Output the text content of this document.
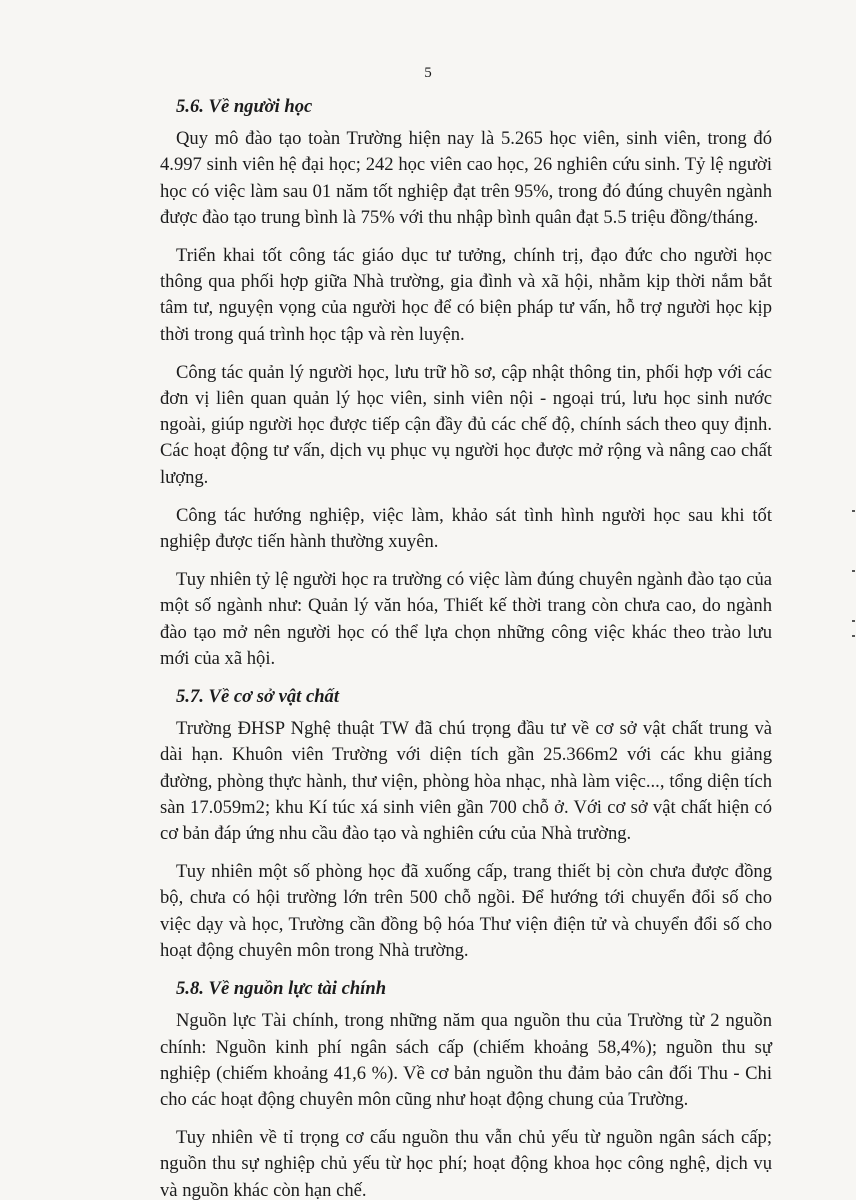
5
5.6. Về người học

Quy mô đào tạo toàn Trường hiện nay là 5.265 học viên, sinh viên, trong đó 4.997 sinh viên hệ đại học; 242 học viên cao học, 26 nghiên cứu sinh. Tỷ lệ người học có việc làm sau 01 năm tốt nghiệp đạt trên 95%, trong đó đúng chuyên ngành được đào tạo trung bình là 75% với thu nhập bình quân đạt 5.5 triệu đồng/tháng.

Triển khai tốt công tác giáo dục tư tưởng, chính trị, đạo đức cho người học thông qua phối hợp giữa Nhà trường, gia đình và xã hội, nhằm kịp thời nắm bắt tâm tư, nguyện vọng của người học để có biện pháp tư vấn, hỗ trợ người học kịp thời trong quá trình học tập và rèn luyện.

Công tác quản lý người học, lưu trữ hồ sơ, cập nhật thông tin, phối hợp với các đơn vị liên quan quản lý học viên, sinh viên nội - ngoại trú, lưu học sinh nước ngoài, giúp người học được tiếp cận đầy đủ các chế độ, chính sách theo quy định. Các hoạt động tư vấn, dịch vụ phục vụ người học được mở rộng và nâng cao chất lượng.

Công tác hướng nghiệp, việc làm, khảo sát tình hình người học sau khi tốt nghiệp được tiến hành thường xuyên.

Tuy nhiên tỷ lệ người học ra trường có việc làm đúng chuyên ngành đào tạo của một số ngành như: Quản lý văn hóa, Thiết kế thời trang còn chưa cao, do ngành đào tạo mở nên người học có thể lựa chọn những công việc khác theo trào lưu mới của xã hội.

5.7. Về cơ sở vật chất

Trường ĐHSP Nghệ thuật TW đã chú trọng đầu tư về cơ sở vật chất trung và dài hạn. Khuôn viên Trường với diện tích gần 25.366m2 với các khu giảng đường, phòng thực hành, thư viện, phòng hòa nhạc, nhà làm việc..., tổng diện tích sàn 17.059m2; khu Kí túc xá sinh viên gần 700 chỗ ở. Với cơ sở vật chất hiện có cơ bản đáp ứng nhu cầu đào tạo và nghiên cứu của Nhà trường.

Tuy nhiên một số phòng học đã xuống cấp, trang thiết bị còn chưa được đồng bộ, chưa có hội trường lớn trên 500 chỗ ngồi. Để hướng tới chuyển đổi số cho việc dạy và học, Trường cần đồng bộ hóa Thư viện điện tử và chuyển đổi số cho hoạt động chuyên môn trong Nhà trường.

5.8. Về nguồn lực tài chính

Nguồn lực Tài chính, trong những năm qua nguồn thu của Trường từ 2 nguồn chính: Nguồn kinh phí ngân sách cấp (chiếm khoảng 58,4%); nguồn thu sự nghiệp (chiếm khoảng 41,6 %). Về cơ bản nguồn thu đảm bảo cân đối Thu - Chi cho các hoạt động chuyên môn cũng như hoạt động chung của Trường.

Tuy nhiên về tỉ trọng cơ cấu nguồn thu vẫn chủ yếu từ nguồn ngân sách cấp; nguồn thu sự nghiệp chủ yếu từ học phí; hoạt động khoa học công nghệ, dịch vụ và nguồn khác còn hạn chế.
